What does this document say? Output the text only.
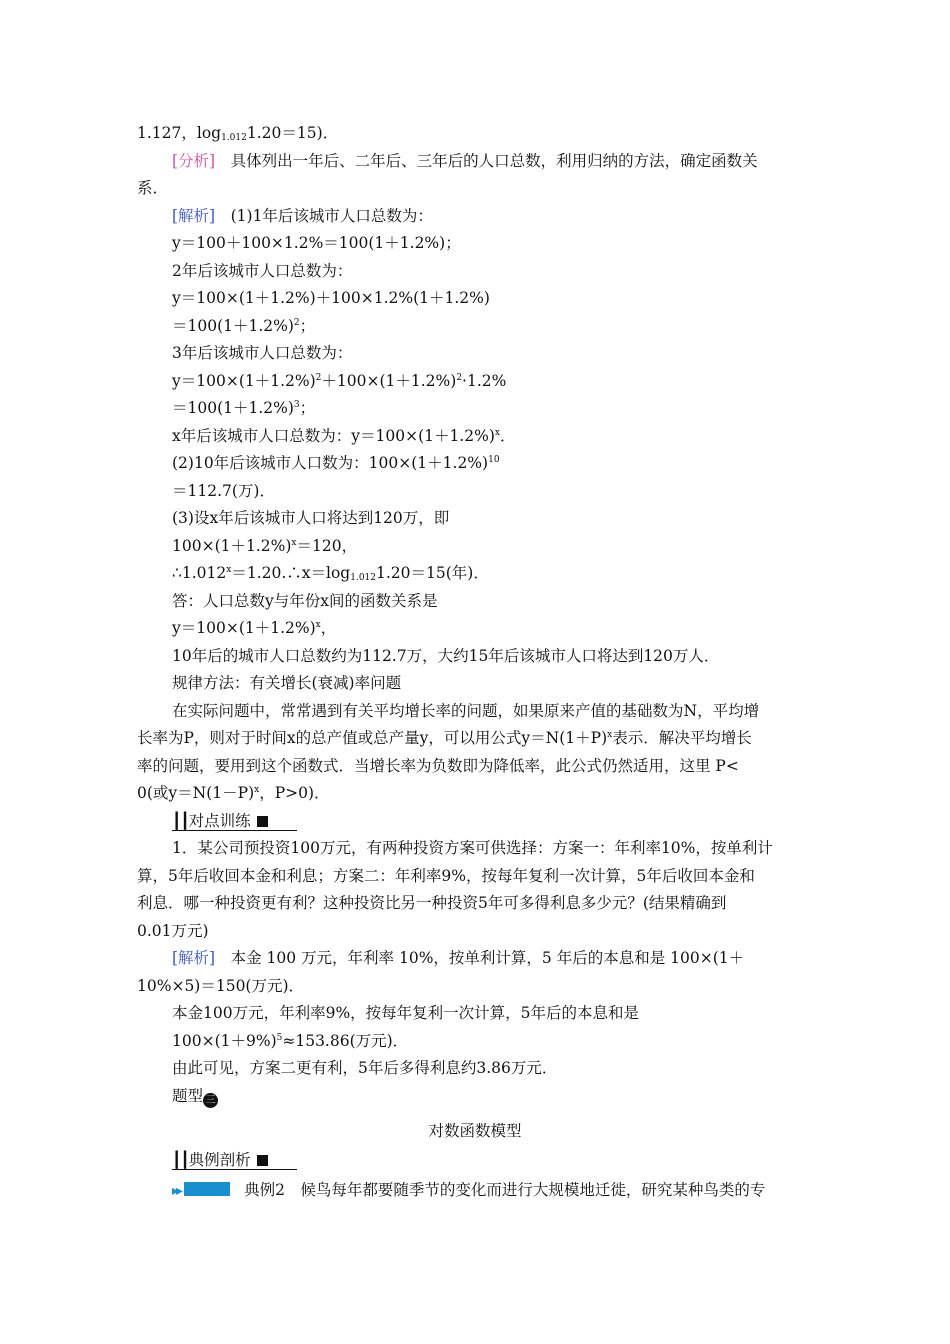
1.127，$\log_{1.012}1.20=15$)．
[分析]　具体列出一年后、二年后、三年后的人口总数，利用归纳的方法，确定函数关
系．
[解析]　(1)1年后该城市人口总数为：
y＝100＋100×1.2%＝100(1＋1.2%)；
2年后该城市人口总数为：
y＝100×(1＋1.2%)＋100×1.2%(1＋1.2%)
$=100(1+1.2\%)^2$；
3年后该城市人口总数为：
$y=100\times(1+1.2\%)^2+100\times(1+1.2\%)^2\cdot 1.2\%$
$=100(1+1.2\%)^3$；
x年后该城市人口总数为：$y=100\times(1+1.2\%)^x$．
(2)10年后该城市人口数为：$100\times(1+1.2\%)^{10}$
＝112.7(万)．
(3)设x年后该城市人口将达到120万，即
$100\times(1+1.2\%)^x=120$，
$\therefore 1.012^x=1.20.\therefore x=\log_{1.012}1.20=15$(年)．
答：人口总数y与年份x间的函数关系是
$y=100\times(1+1.2\%)^x$，
10年后的城市人口总数约为112.7万，大约15年后该城市人口将达到120万人．
规律方法：有关增长(衰减)率问题
在实际问题中，常常遇到有关平均增长率的问题，如果原来产值的基础数为N，平均增
长率为P，则对于时间x的总产值或总产量y，可以用公式$y=N(1+P)^x$表示．解决平均增长
率的问题，要用到这个函数式．当增长率为负数即为降低率，此公式仍然适用，这里 P<
0(或$y=N(1-P)^x$，P>0)．
┃┃对点训练
1．某公司预投资100万元，有两种投资方案可供选择：方案一：年利率10%，按单利计
算，5年后收回本金和利息；方案二：年利率9%，按每年复利一次计算，5年后收回本金和
利息．哪一种投资更有利？这种投资比另一种投资5年可多得利息多少元？(结果精确到
0.01万元)
[解析]　本金 100 万元，年利率 10%，按单利计算，5 年后的本息和是 100×(1＋
10%×5)＝150(万元)．
本金100万元，年利率9%，按每年复利一次计算，5年后的本息和是
$100\times(1+9\%)^5\approx 153.86$(万元)．
由此可见，方案二更有利，5年后多得利息约3.86万元．
题型 三
对数函数模型
┃┃典例剖析
▸▸	典例2　候鸟每年都要随季节的变化而进行大规模地迁徙，研究某种鸟类的专
